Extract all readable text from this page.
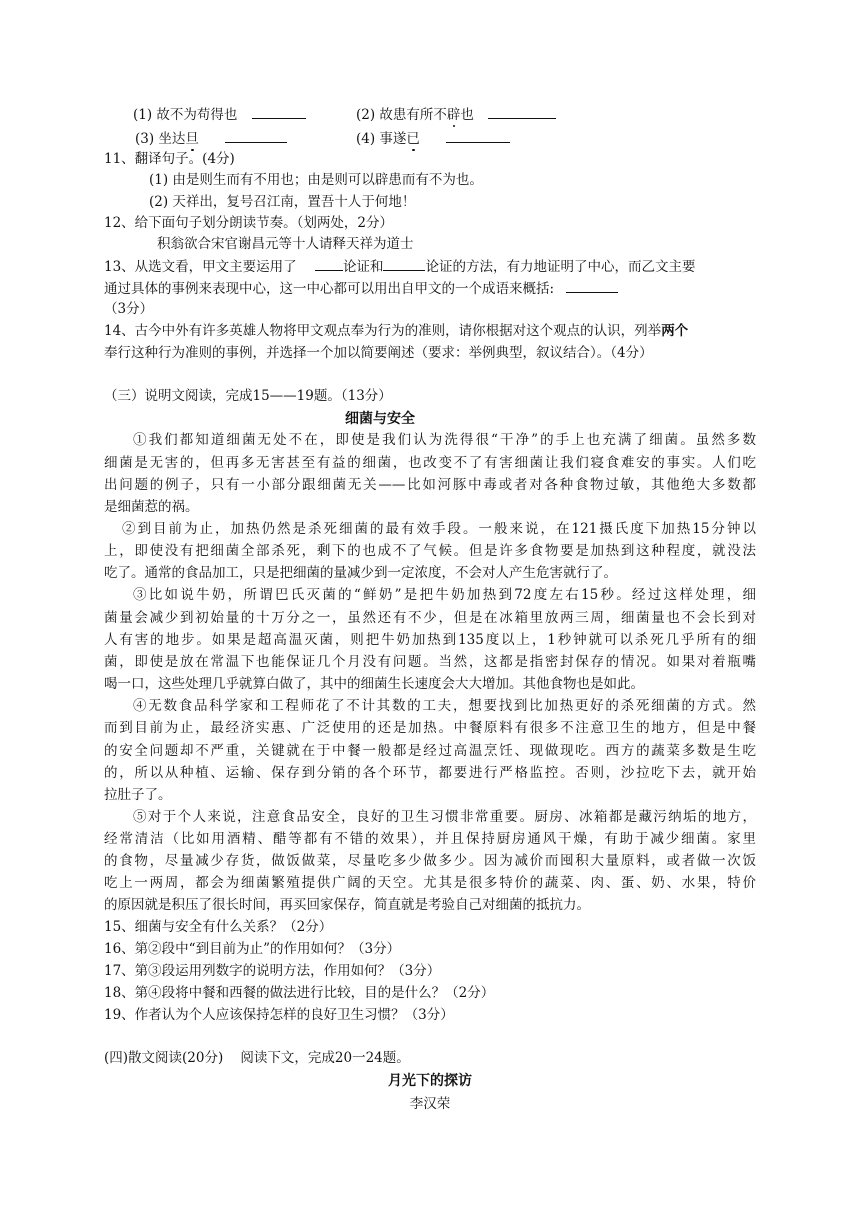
(1) 故不为苟得也	(2) 故患有所不辟也
(3) 坐达旦	(4) 事遂已
11、翻译句子。(4分)
(1) 由是则生而有不用也；由是则可以辟患而有不为也。
(2) 天祥出，复号召江南，置吾十人于何地！
12、给下面句子划分朗读节奏。（划两处，2分）
积翁欲合宋官谢昌元等十人请释天祥为道士
13、从选文看，甲文主要运用了	论证和	论证的方法，有力地证明了中心，而乙文主要
通过具体的事例来表现中心，这一中心都可以用出自甲文的一个成语来概括:
（3分）
14、古今中外有许多英雄人物将甲文观点奉为行为的准则，请你根据对这个观点的认识，列举两个
奉行这种行为准则的事例，并选择一个加以简要阐述（要求：举例典型，叙议结合）。（4分）
（三）说明文阅读，完成15——19题。（13分）
细菌与安全
①我们都知道细菌无处不在，即使是我们认为洗得很“干净”的手上也充满了细菌。虽然多数
细菌是无害的，但再多无害甚至有益的细菌，也改变不了有害细菌让我们寝食难安的事实。人们吃
出问题的例子，只有一小部分跟细菌无关——比如河豚中毒或者对各种食物过敏，其他绝大多数都
是细菌惹的祸。
②到目前为止，加热仍然是杀死细菌的最有效手段。一般来说，在121摄氏度下加热15分钟以
上，即使没有把细菌全部杀死，剩下的也成不了气候。但是许多食物要是加热到这种程度，就没法
吃了。通常的食品加工，只是把细菌的量减少到一定浓度，不会对人产生危害就行了。
③比如说牛奶，所谓巴氏灭菌的“鲜奶”是把牛奶加热到72度左右15秒。经过这样处理，细
菌量会减少到初始量的十万分之一，虽然还有不少，但是在冰箱里放两三周，细菌量也不会长到对
人有害的地步。如果是超高温灭菌，则把牛奶加热到135度以上，1秒钟就可以杀死几乎所有的细
菌，即使是放在常温下也能保证几个月没有问题。当然，这都是指密封保存的情况。如果对着瓶嘴
喝一口，这些处理几乎就算白做了，其中的细菌生长速度会大大增加。其他食物也是如此。
④无数食品科学家和工程师花了不计其数的工夫，想要找到比加热更好的杀死细菌的方式。然
而到目前为止，最经济实惠、广泛使用的还是加热。中餐原料有很多不注意卫生的地方，但是中餐
的安全问题却不严重，关键就在于中餐一般都是经过高温烹饪、现做现吃。西方的蔬菜多数是生吃
的，所以从种植、运输、保存到分销的各个环节，都要进行严格监控。否则，沙拉吃下去，就开始
拉肚子了。
⑤对于个人来说，注意食品安全，良好的卫生习惯非常重要。厨房、冰箱都是藏污纳垢的地方，
经常清洁（比如用酒精、醋等都有不错的效果），并且保持厨房通风干燥，有助于减少细菌。家里
的食物，尽量减少存货，做饭做菜，尽量吃多少做多少。因为减价而囤积大量原料，或者做一次饭
吃上一两周，都会为细菌繁殖提供广阔的天空。尤其是很多特价的蔬菜、肉、蛋、奶、水果，特价
的原因就是积压了很长时间，再买回家保存，简直就是考验自己对细菌的抵抗力。
15、细菌与安全有什么关系？（2分）
16、第②段中“到目前为止”的作用如何？（3分）
17、第③段运用列数字的说明方法，作用如何？（3分）
18、第④段将中餐和西餐的做法进行比较，目的是什么？（2分）
19、作者认为个人应该保持怎样的良好卫生习惯？（3分）
(四)散文阅读(20分)    阅读下文，完成20一24题。
月光下的探访
李汉荣
